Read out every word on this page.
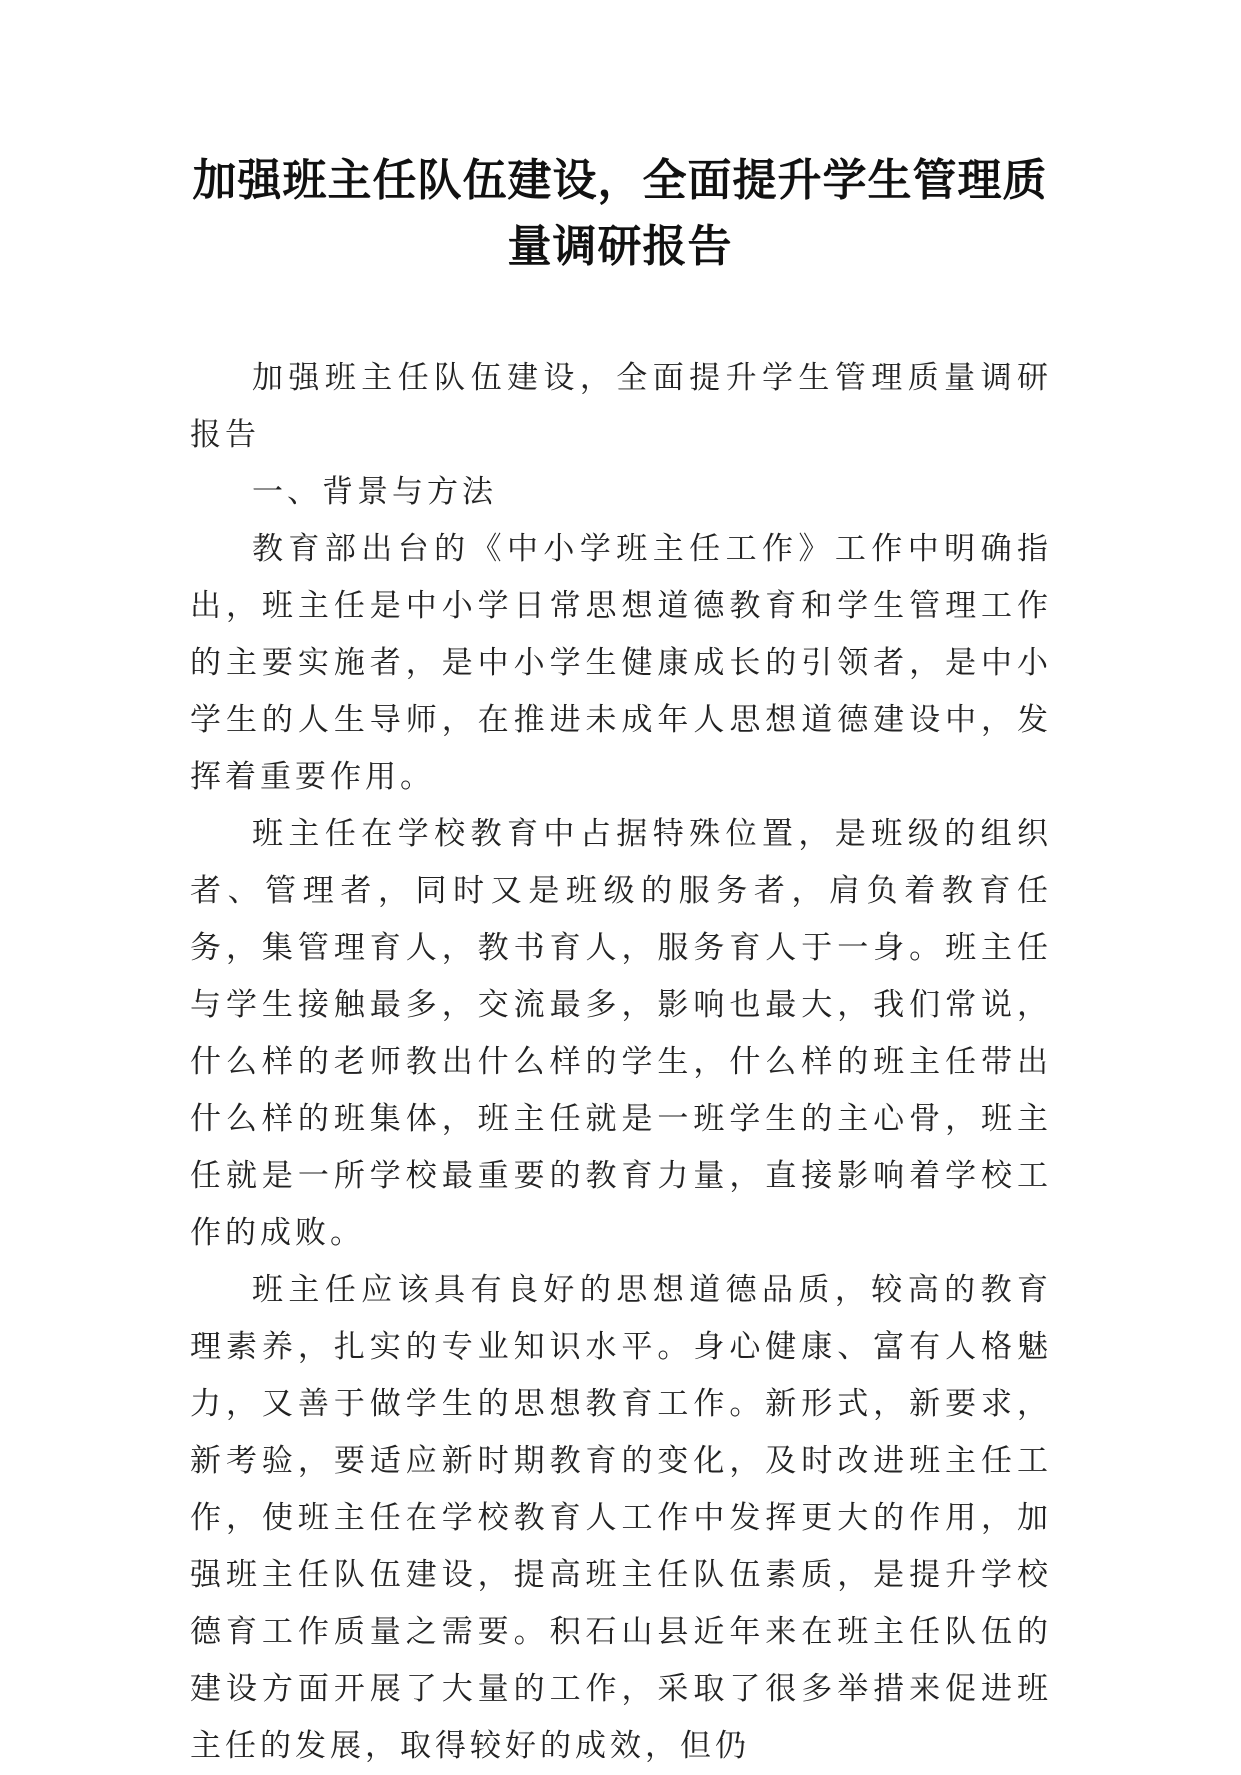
加强班主任队伍建设，全面提升学生管理质量调研报告

加强班主任队伍建设，全面提升学生管理质量调研报告

一、背景与方法

教育部出台的《中小学班主任工作》工作中明确指出，班主任是中小学日常思想道德教育和学生管理工作的主要实施者，是中小学生健康成长的引领者，是中小学生的人生导师，在推进未成年人思想道德建设中，发挥着重要作用。

班主任在学校教育中占据特殊位置，是班级的组织者、管理者，同时又是班级的服务者，肩负着教育任务，集管理育人，教书育人，服务育人于一身。班主任与学生接触最多，交流最多，影响也最大，我们常说，什么样的老师教出什么样的学生，什么样的班主任带出什么样的班集体，班主任就是一班学生的主心骨，班主任就是一所学校最重要的教育力量，直接影响着学校工作的成败。

班主任应该具有良好的思想道德品质，较高的教育理素养，扎实的专业知识水平。身心健康、富有人格魅力，又善于做学生的思想教育工作。新形式，新要求，新考验，要适应新时期教育的变化，及时改进班主任工作，使班主任在学校教育人工作中发挥更大的作用，加强班主任队伍建设，提高班主任队伍素质，是提升学校德育工作质量之需要。积石山县近年来在班主任队伍的建设方面开展了大量的工作，采取了很多举措来促进班主任的发展，取得较好的成效，但仍
